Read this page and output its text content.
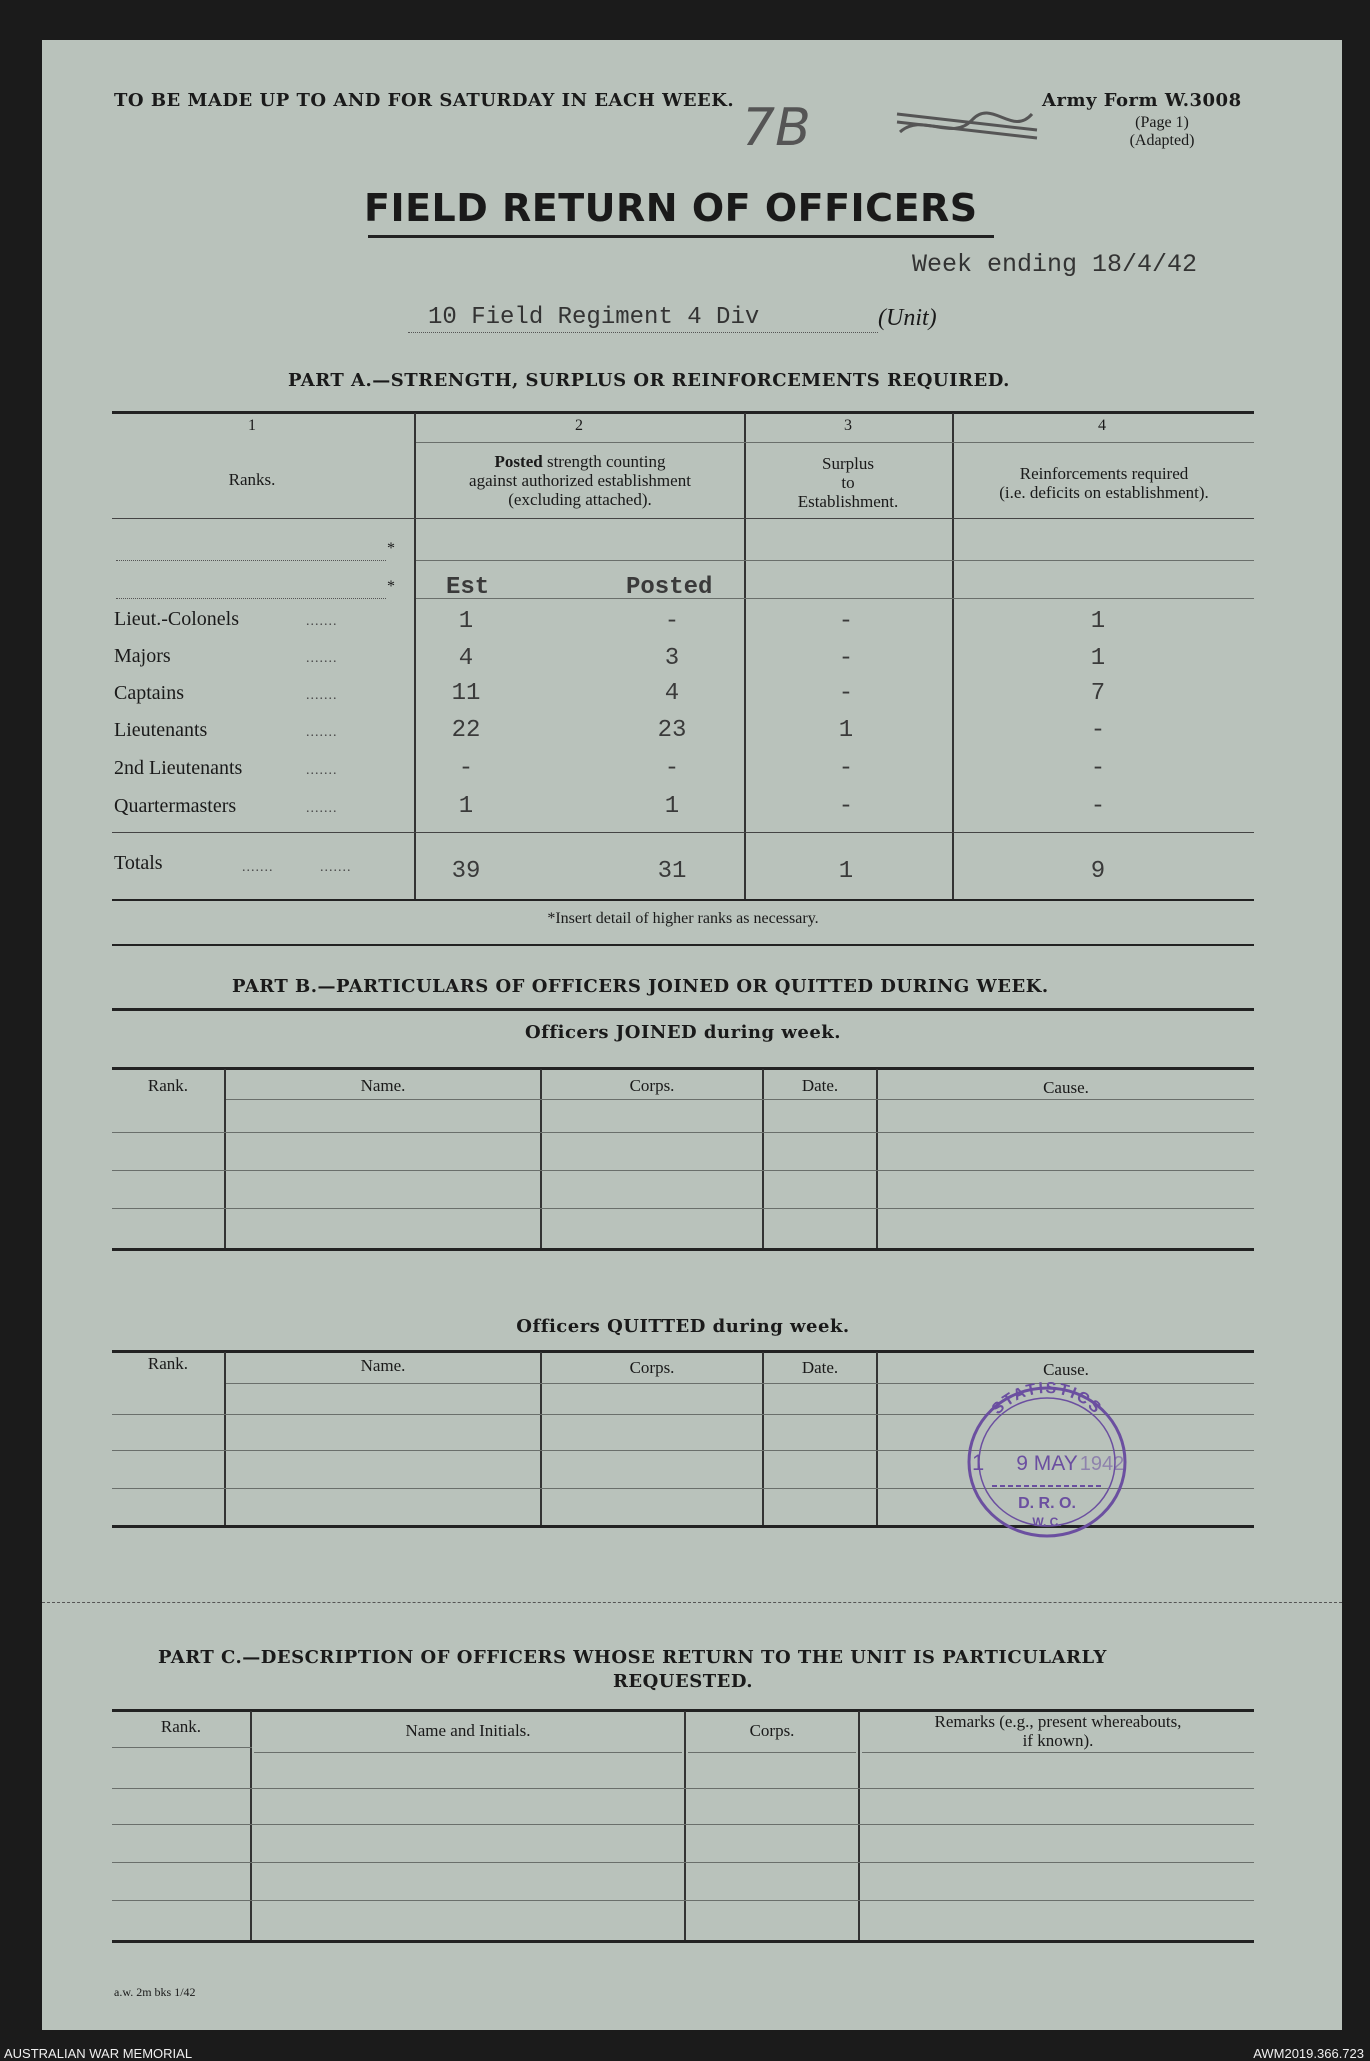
TO BE MADE UP TO AND FOR SATURDAY IN EACH WEEK. 7B	Army Form W.3008
(Page 1)
(Adapted)
FIELD RETURN OF OFFICERS
Week ending 18/4/42
10 Field Regiment 4 Div	(Unit)
PART A.—STRENGTH, SURPLUS OR REINFORCEMENTS REQUIRED.
1	2	3	4
Ranks.
Posted strength counting
against authorized establishment
(excluding attached).
Surplus
to
Establishment.
Reinforcements required
(i.e. deficits on establishment).
*
* Est	Posted
Lieut.-Colonels	.......	1	-	-	1
Majors	.......	4	3	-	1
Captains	.......	11	4	-	7
Lieutenants	.......	22	23	1	-
2nd Lieutenants	.......	-	-	-	-
Quartermasters	.......	1	1	-	-
Totals	.......	.......	39	31	1	9
*Insert detail of higher ranks as necessary.
PART B.—PARTICULARS OF OFFICERS JOINED OR QUITTED DURING WEEK.
Officers JOINED during week.
Rank.	Name.	Corps.	Date.	Cause.
Officers QUITTED during week.
Rank.	Name.	Corps.	Date.	Cause.
STATISTICS
1 9 MAY 1942
D. R. O.
W. C.
PART C.—DESCRIPTION OF OFFICERS WHOSE RETURN TO THE UNIT IS PARTICULARLY
REQUESTED.
Rank.	Name and Initials.	Corps.	Remarks (e.g., present whereabouts,
if known).
a.w. 2m bks 1/42
AUSTRALIAN WAR MEMORIAL	AWM2019.366.723
